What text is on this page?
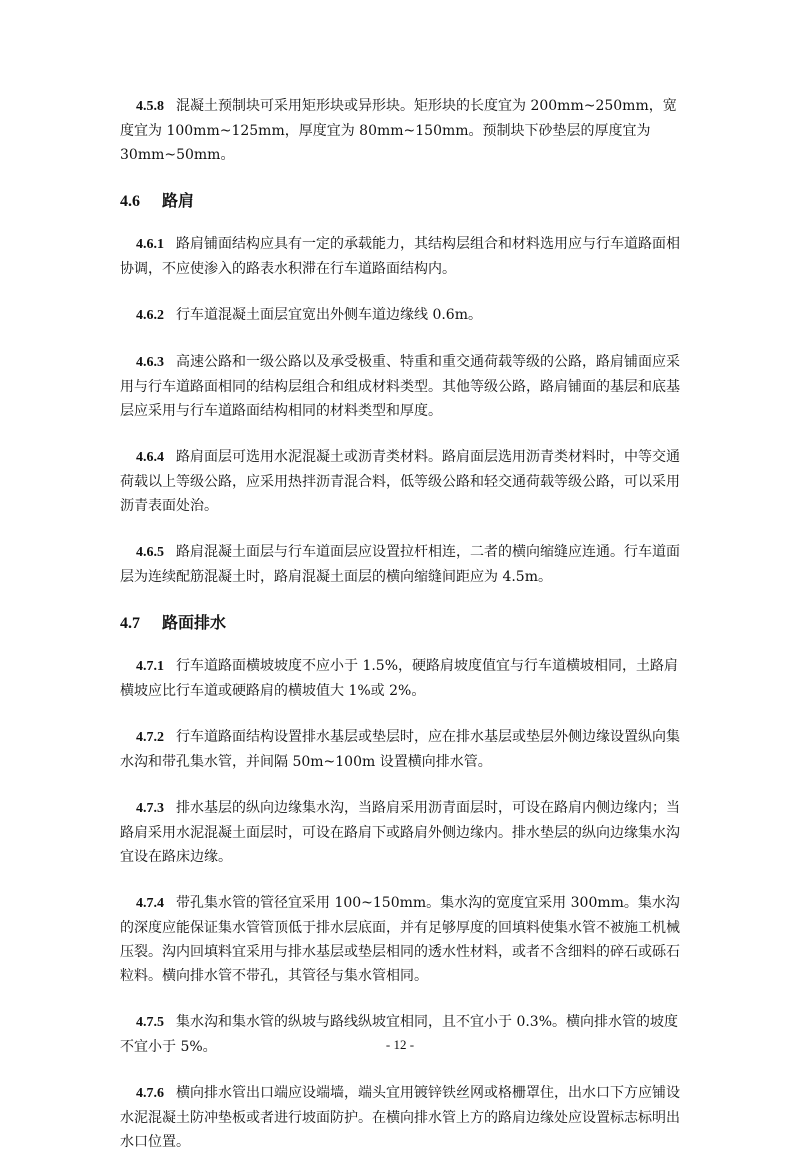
4.5.8 混凝土预制块可采用矩形块或异形块。矩形块的长度宜为 200mm~250mm，宽度宜为 100mm~125mm，厚度宜为 80mm~150mm。预制块下砂垫层的厚度宜为 30mm~50mm。

4.6 路肩

4.6.1 路肩铺面结构应具有一定的承载能力，其结构层组合和材料选用应与行车道路面相协调，不应使渗入的路表水积滞在行车道路面结构内。

4.6.2 行车道混凝土面层宜宽出外侧车道边缘线 0.6m。

4.6.3 高速公路和一级公路以及承受极重、特重和重交通荷载等级的公路，路肩铺面应采用与行车道路面相同的结构层组合和组成材料类型。其他等级公路，路肩铺面的基层和底基层应采用与行车道路面结构相同的材料类型和厚度。

4.6.4 路肩面层可选用水泥混凝土或沥青类材料。路肩面层选用沥青类材料时，中等交通荷载以上等级公路，应采用热拌沥青混合料，低等级公路和轻交通荷载等级公路，可以采用沥青表面处治。

4.6.5 路肩混凝土面层与行车道面层应设置拉杆相连，二者的横向缩缝应连通。行车道面层为连续配筋混凝土时，路肩混凝土面层的横向缩缝间距应为 4.5m。

4.7 路面排水

4.7.1 行车道路面横坡坡度不应小于 1.5%，硬路肩坡度值宜与行车道横坡相同，土路肩横坡应比行车道或硬路肩的横坡值大 1%或 2%。

4.7.2 行车道路面结构设置排水基层或垫层时，应在排水基层或垫层外侧边缘设置纵向集水沟和带孔集水管，并间隔 50m~100m 设置横向排水管。

4.7.3 排水基层的纵向边缘集水沟，当路肩采用沥青面层时，可设在路肩内侧边缘内；当路肩采用水泥混凝土面层时，可设在路肩下或路肩外侧边缘内。排水垫层的纵向边缘集水沟宜设在路床边缘。

4.7.4 带孔集水管的管径宜采用 100~150mm。集水沟的宽度宜采用 300mm。集水沟的深度应能保证集水管管顶低于排水层底面，并有足够厚度的回填料使集水管不被施工机械压裂。沟内回填料宜采用与排水基层或垫层相同的透水性材料，或者不含细料的碎石或砾石粒料。横向排水管不带孔，其管径与集水管相同。

4.7.5 集水沟和集水管的纵坡与路线纵坡宜相同，且不宜小于 0.3%。横向排水管的坡度不宜小于 5%。

4.7.6 横向排水管出口端应设端墙，端头宜用镀锌铁丝网或格栅罩住，出水口下方应铺设水泥混凝土防冲垫板或者进行坡面防护。在横向排水管上方的路肩边缘处应设置标志标明出水口位置。

- 12 -
